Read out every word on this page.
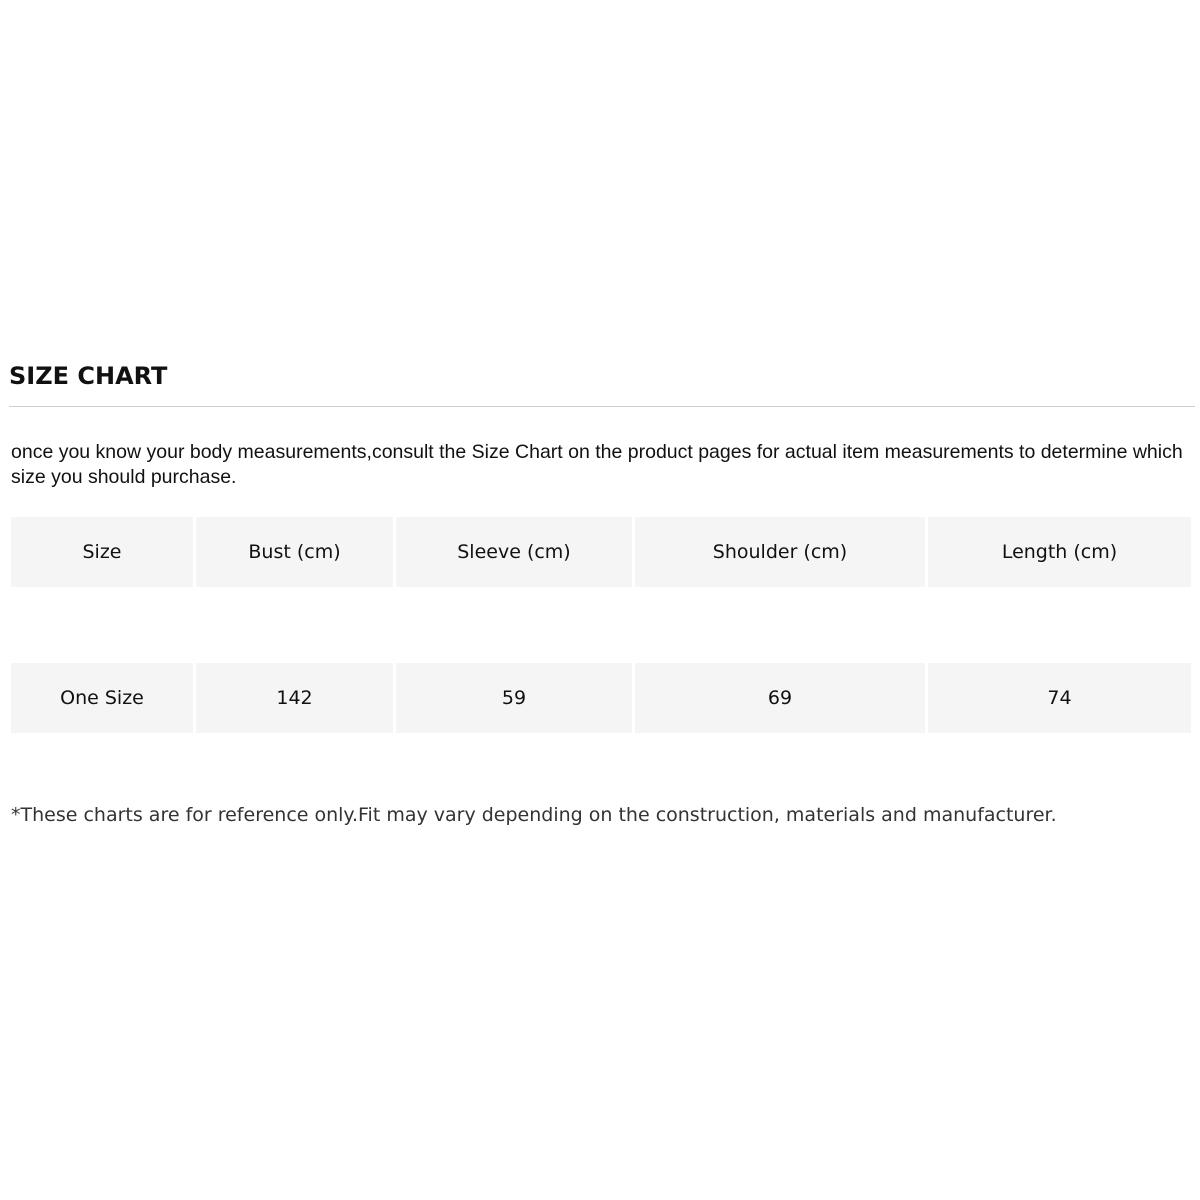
SIZE CHART

once you know your body measurements,consult the Size Chart on the product pages for actual item measurements to determine which size you should purchase.

Size	Bust (cm)	Sleeve (cm)	Shoulder (cm)	Length (cm)
One Size	142	59	69	74

*These charts are for reference only.Fit may vary depending on the construction, materials and manufacturer.
